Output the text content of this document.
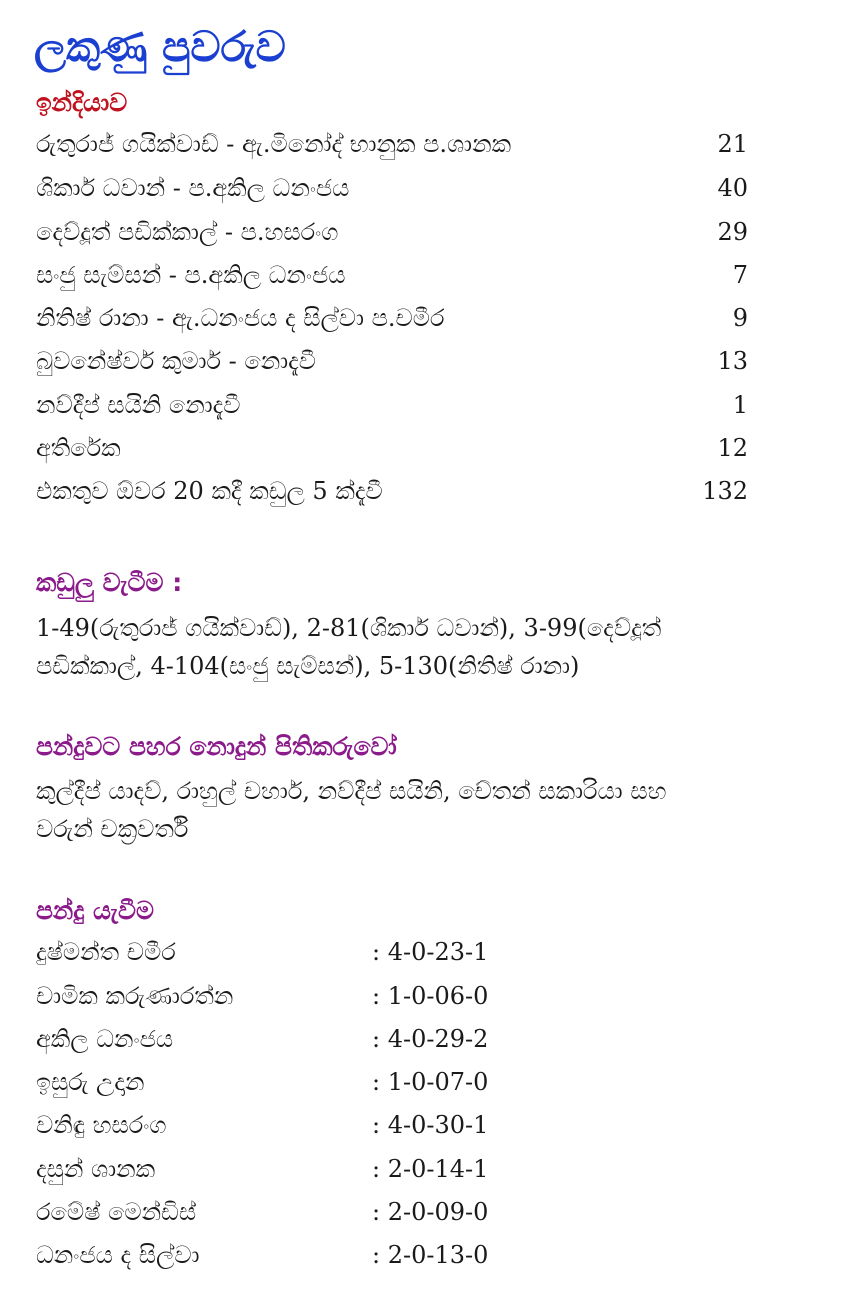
ලකුණු පුවරුව
ඉන්දියාව
රුතුරාජ් ගයික්වාඩ් - ඇ.මිනෝද් භානුක ප.ශානක	21
ශිකාර් ධවාන් - ප.අකිල ධනංජය	40
දෙව්දූත් පඩික්කාල් - ප.හසරංග	29
සංජු සැම්සන් - ප.අකිල ධනංජය	7
නිතිෂ් රානා - ඇ.ධනංජය ද සිල්වා ප.චමීර	9
බුවනේෂ්වර් කුමාර් - නොදැවී	13
නව්දීප් සයිනි නොදැවී	1
අතිරේක	12
එකතුව ඕවර 20 කදී කඩුල 5 ක්දැවී	132
කඩුලු වැටීම :
1-49(රුතුරාජ් ගයික්වාඩ්), 2-81(ශිකාර් ධවාන්), 3-99(දෙව්දූත්
පඩික්කාල්, 4-104(සංජු සැම්සන්), 5-130(නිතිෂ් රානා)
පන්දුවට පහර නොදුන් පිතිකරුවෝ
කුල්දීප් යාදව්, රාහුල් චහාර්, නව්දීප් සයිනි, චේතන් සකාරියා සහ
වරුන් චක්‍රවර්ති
පන්දු යැවීම
දුෂ්මන්ත චමීර	: 4-0-23-1
චාමික කරුණාරත්න	: 1-0-06-0
අකිල ධනංජය	: 4-0-29-2
ඉසුරු උදාන	: 1-0-07-0
වනිඳු හසරංග	: 4-0-30-1
දසුන් ශානක	: 2-0-14-1
රමේෂ් මෙන්ඩිස්	: 2-0-09-0
ධනංජය ද සිල්වා	: 2-0-13-0
